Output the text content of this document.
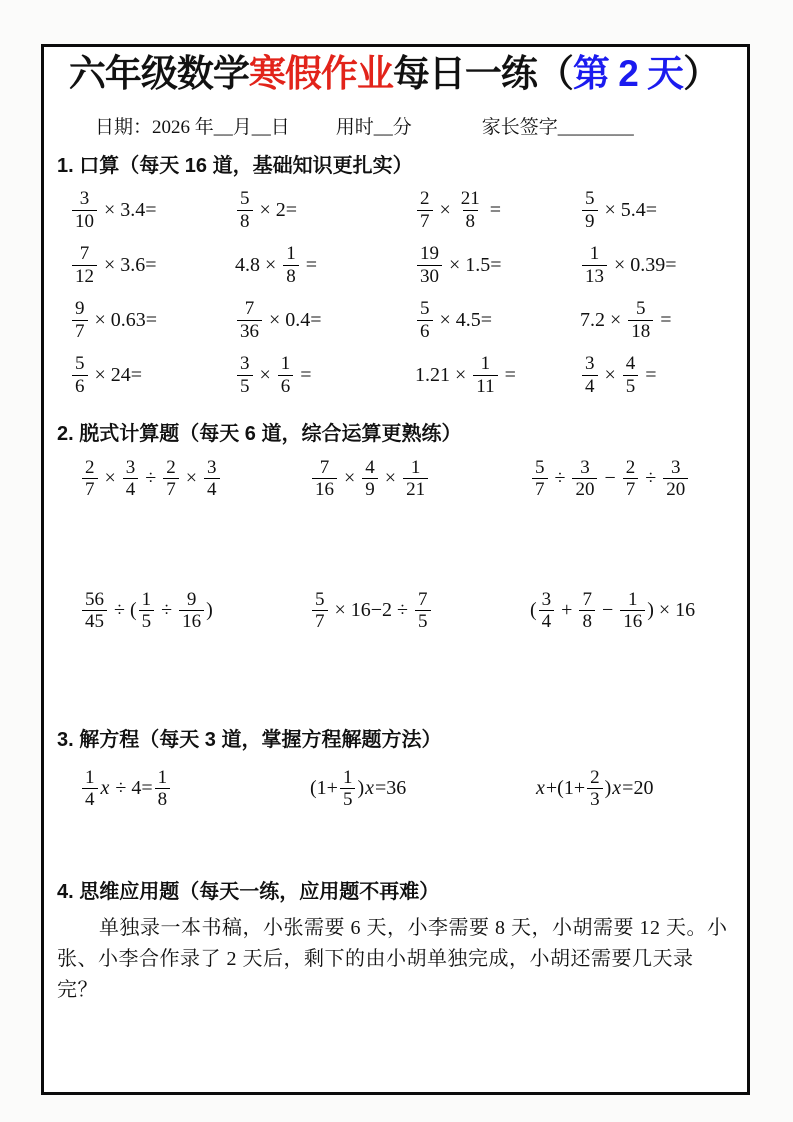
六年级数学寒假作业每日一练（第 2 天）
日期：2026 年__月__日 用时__分	家长签字________
1. 口算（每天 16 道，基础知识更扎实）
$\frac{3}{10} \times 3.4=$	$\frac{5}{8} \times 2=$	$\frac{2}{7} \times \frac{21}{8}$ =	$\frac{5}{9} \times 5.4=$
$\frac{7}{12} \times 3.6=$	$4.8 \times \frac{1}{8}$ =	$\frac{19}{30} \times 1.5=$	$\frac{1}{13} \times 0.39=$
$\frac{9}{7} \times 0.63=$	$\frac{7}{36} \times 0.4=$	$\frac{5}{6} \times 4.5=$	$7.2 \times \frac{5}{18}$ =
$\frac{5}{6} \times 24=$	$\frac{3}{5} \times \frac{1}{6}$ =	$1.21 \times \frac{1}{11}$ =	$\frac{3}{4} \times \frac{4}{5}$ =
2. 脱式计算题（每天 6 道，综合运算更熟练）
$\frac{2}{7} \times \frac{3}{4} \div \frac{2}{7} \times \frac{3}{4}$	$\frac{7}{16} \times \frac{4}{9} \times \frac{1}{21}$	$\frac{5}{7} \div \frac{3}{20} - \frac{2}{7} \div \frac{3}{20}$
$\frac{56}{45}$ ÷ ( $\frac{1}{5} \div \frac{9}{16}$ )	$\frac{5}{7} \times 16-2 \div \frac{7}{5}$	( $\frac{3}{4} + \frac{7}{8} - \frac{1}{16}$ ) × 16
3. 解方程（每天 3 道，掌握方程解题方法）
$\frac{1}{4}$ $x \div 4= \frac{1}{8}$	($1+ \frac{1}{5}$ ) x =36	$x +(1+ \frac{2}{3}$ ) x =20
4. 思维应用题（每天一练，应用题不再难）
单独录一本书稿，小张需要 6 天，小李需要 8 天，小胡需要 12 天。小张、小李合作录了 2 天后，剩下的由小胡单独完成，小胡还需要几天录完？
